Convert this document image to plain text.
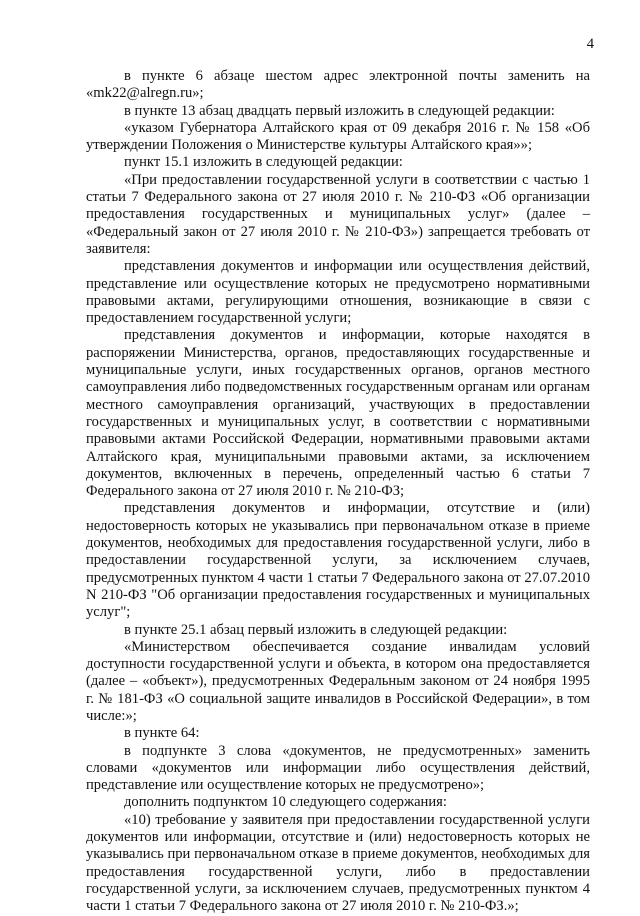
4

в пункте 6 абзаце шестом адрес электронной почты заменить на «mk22@alregn.ru»;

в пункте 13 абзац двадцать первый изложить в следующей редакции:

«указом Губернатора Алтайского края от 09 декабря 2016 г. № 158 «Об утверждении Положения о Министерстве культуры Алтайского края»»;

пункт 15.1 изложить в следующей редакции:

«При предоставлении государственной услуги в соответствии с частью 1 статьи 7 Федерального закона от 27 июля 2010 г. № 210-ФЗ «Об организации предоставления государственных и муниципальных услуг» (далее – «Федеральный закон от 27 июля 2010 г. № 210-ФЗ») запрещается требовать от заявителя:

представления документов и информации или осуществления действий, представление или осуществление которых не предусмотрено нормативными правовыми актами, регулирующими отношения, возникающие в связи с предоставлением государственной услуги;

представления документов и информации, которые находятся в распоряжении Министерства, органов, предоставляющих государственные и муниципальные услуги, иных государственных органов, органов местного самоуправления либо подведомственных государственным органам или органам местного самоуправления организаций, участвующих в предоставлении государственных и муниципальных услуг, в соответствии с нормативными правовыми актами Российской Федерации, нормативными правовыми актами Алтайского края, муниципальными правовыми актами, за исключением документов, включенных в перечень, определенный частью 6 статьи 7 Федерального закона от 27 июля 2010 г. № 210-ФЗ;

представления документов и информации, отсутствие и (или) недостоверность которых не указывались при первоначальном отказе в приеме документов, необходимых для предоставления государственной услуги, либо в предоставлении государственной услуги, за исключением случаев, предусмотренных пунктом 4 части 1 статьи 7 Федерального закона от 27.07.2010 N 210-ФЗ "Об организации предоставления государственных и муниципальных услуг";

в пункте 25.1 абзац первый изложить в следующей редакции:

«Министерством обеспечивается создание инвалидам условий доступности государственной услуги и объекта, в котором она предоставляется (далее – «объект»), предусмотренных Федеральным законом от 24 ноября 1995 г. № 181-ФЗ «О социальной защите инвалидов в Российской Федерации», в том числе:»;

в пункте 64:

в подпункте 3 слова «документов, не предусмотренных» заменить словами «документов или информации либо осуществления действий, представление или осуществление которых не предусмотрено»;

дополнить подпунктом 10 следующего содержания:

«10) требование у заявителя при предоставлении государственной услуги документов или информации, отсутствие и (или) недостоверность которых не указывались при первоначальном отказе в приеме документов, необходимых для предоставления государственной услуги, либо в предоставлении государственной услуги, за исключением случаев, предусмотренных пунктом 4 части 1 статьи 7 Федерального закона от 27 июля 2010 г. № 210-ФЗ.»;
